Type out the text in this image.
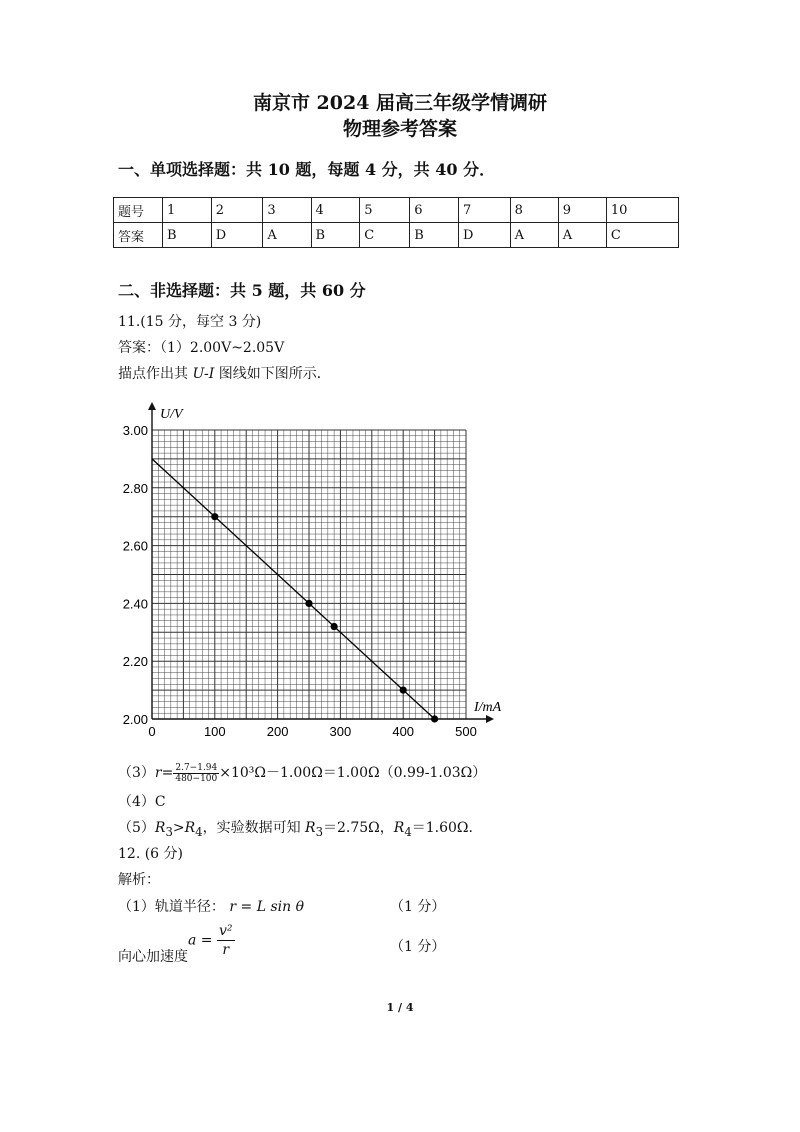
南京市 2024 届高三年级学情调研
物理参考答案
一、单项选择题：共 10 题，每题 4 分，共 40 分．
题号	1	2	3	4	5	6	7	8	9	10
答案	B	D	A	B	C	B	D	A	A	C
二、非选择题：共 5 题，共 60 分
11.(15 分，每空 3 分)
答案：（1）2.00V~2.05V
描点作出其 U-I 图线如下图所示．
0	100	200	300	400	500
2.00
2.20
2.40
2.60
2.80
3.00
U/V
I/mA
$(3)r= \frac{2.7-1.94}{480-100} \times 10^3\Omega-1.00\Omega=1.00\Omega(0.99-1.03\Omega)$
（4）C
$(5)R_3>R_4$，实验数据可知 $R_3=2.75\Omega$，$R_4=1.60\Omega$.
12. (6 分)
解析：
（1）轨道半径： r = L sin θ	（1 分）
向心加速度
$a = \frac{\text{v²}}{r}$	（1 分）
1 / 4
